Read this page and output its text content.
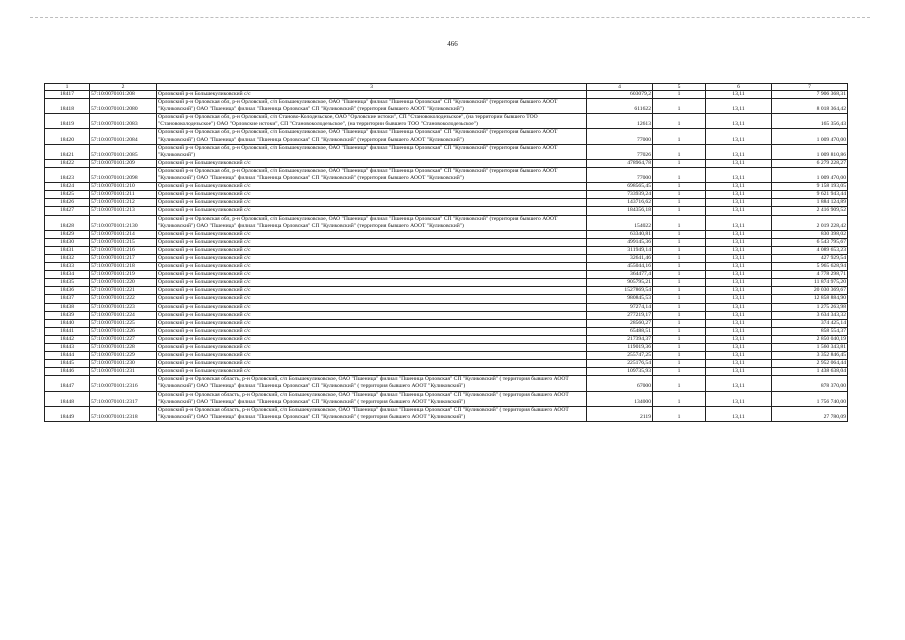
466
1	2	3	4	5	6	7
18417	57:10:0070101:208	Орловский р-н Большекуликовский с/с	603079,2	1	13,11	7 906 368,31
18418	57:10:0070101:2080	Орловский р-н Орловская обл, р-н Орловский, с/п Большекуликовское, ОАО "Пшеница" филиал "Пшеница Орловская" СП "Куликовский" (территория бывшего АООТ "Куликовский") ОАО "Пшеница" филиал "Пшеница Орловская" СП "Куликовский" (территория бывшего АООТ "Куликовский")	611622	1	13,11	8 018 364,42
18419	57:10:0070101:2083	Орловский р-н Орловская обл, р-н Орловский, с/п Станово-Колодезьское, ОАО "Орловские истоки", СП "Становоколодезьское", (на территории бывшего ТОО "Становоколодезьское") ОАО "Орловские истоки", СП "Становоколодезьское", (на территории бывшего ТОО "Становоколодезьское")	12613	1	13,11	165 356,43
18420	57:10:0070101:2084	Орловский р-н Орловская обл, р-н Орловский, с/п Большекуликовское, ОАО "Пшеница" филиал "Пшеница Орловская" СП "Куликовский" (территория бывшего АООТ "Куликовский") ОАО "Пшеница" филиал "Пшеница Орловская" СП "Куликовский" (территория бывшего АООТ "Куликовский")	77000	1	13,11	1 009 470,00
18421	57:10:0070101:2085	Орловский р-н Орловская обл, р-н Орловский, с/п Большекуликовское, ОАО "Пшеница" филиал "Пшеница Орловская" СП "Куликовский" (территория бывшего АООТ "Куликовский")	77026	1	13,11	1 009 810,86
18422	57:10:0070101:209	Орловский р-н Большекуликовский с/с	478964,78	1	13,11	6 279 228,27
18423	57:10:0070101:2098	Орловский р-н Орловская обл, р-н Орловский, с/п Большекуликовское, ОАО "Пшеница" филиал "Пшеница Орловская" СП "Куликовский" (территория бывшего АООТ "Куликовский") ОАО "Пшеница" филиал "Пшеница Орловская" СП "Куликовский" (территория бывшего АООТ "Куликовский")	77000	1	13,11	1 009 470,00
18424	57:10:0070101:210	Орловский р-н Большекуликовский с/с	698565,45	1	13,11	9 158 193,05
18425	57:10:0070101:211	Орловский р-н Большекуликовский с/с	733939,24	1	13,11	9 621 943,44
18426	57:10:0070101:212	Орловский р-н Большекуликовский с/с	143716,62	1	13,11	1 884 124,89
18427	57:10:0070101:213	Орловский р-н Большекуликовский с/с	184356,18	1	13,11	2 416 909,52
18428	57:10:0070101:2130	Орловский р-н Орловская обл, р-н Орловский, с/п Большекуликовское, ОАО "Пшеница" филиал "Пшеница Орловская" СП "Куликовский" (территория бывшего АООТ "Куликовский") ОАО "Пшеница" филиал "Пшеница Орловская" СП "Куликовский" (территория бывшего АООТ "Куликовский")	154022	1	13,11	2 019 228,42
18429	57:10:0070101:214	Орловский р-н Большекуликовский с/с	63340,81	1	13,11	830 398,02
18430	57:10:0070101:215	Орловский р-н Большекуликовский с/с	499145,36	1	13,11	6 543 795,67
18431	57:10:0070101:216	Орловский р-н Большекуликовский с/с	311949,14	1	13,11	4 089 653,23
18432	57:10:0070101:217	Орловский р-н Большекуликовский с/с	32641,46	1	13,11	427 929,54
18433	57:10:0070101:218	Орловский р-н Большекуликовский с/с	455044,16	1	13,11	5 965 628,94
18434	57:10:0070101:219	Орловский р-н Большекуликовский с/с	364477,4	1	13,11	4 778 298,71
18435	57:10:0070101:220	Орловский р-н Большекуликовский с/с	905795,21	1	13,11	11 874 975,20
18436	57:10:0070101:221	Орловский р-н Большекуликовский с/с	1527869,54	1	13,11	20 030 369,67
18437	57:10:0070101:222	Орловский р-н Большекуликовский с/с	980845,53	1	13,11	12 858 884,90
18438	57:10:0070101:223	Орловский р-н Большекуликовский с/с	97274,14	1	13,11	1 275 263,98
18439	57:10:0070101:224	Орловский р-н Большекуликовский с/с	277219,17	1	13,11	3 634 343,32
18440	57:10:0070101:225	Орловский р-н Большекуликовский с/с	28560,27	1	13,11	374 425,14
18441	57:10:0070101:226	Орловский р-н Большекуликовский с/с	65488,51	1	13,11	858 554,37
18442	57:10:0070101:227	Орловский р-н Большекуликовский с/с	217394,37	1	13,11	2 850 040,19
18443	57:10:0070101:228	Орловский р-н Большекуликовский с/с	119019,36	1	13,11	1 560 343,81
18444	57:10:0070101:229	Орловский р-н Большекуликовский с/с	255747,25	1	13,11	3 352 846,45
18445	57:10:0070101:230	Орловский р-н Большекуликовский с/с	225176,54	1	13,11	2 952 064,44
18446	57:10:0070101:231	Орловский р-н Большекуликовский с/с	109735,93	1	13,11	1 438 638,04
18447	57:10:0070101:2316	Орловский р-н Орловская область, р-н Орловский, с/п Большекуликовское, ОАО "Пшеница" филиал "Пшеница Орловская" СП "Куликовский" ( территория бывшего АООТ "Куликовский") ОАО "Пшеница" филиал "Пшеница Орловская" СП "Куликовский" ( территория бывшего АООТ "Куликовский")	67000	1	13,11	878 370,00
18448	57:10:0070101:2317	Орловский р-н Орловская область, р-н Орловский, с/п Большекуликовское, ОАО "Пшеница" филиал "Пшеница Орловская" СП "Куликовский" ( территория бывшего АООТ "Куликовский") ОАО "Пшеница" филиал "Пшеница Орловская" СП "Куликовский" ( территория бывшего АООТ "Куликовский")	134000	1	13,11	1 756 740,00
18449	57:10:0070101:2318	Орловский р-н Орловская область, р-н Орловский, с/п Большекуликовское, ОАО "Пшеница" филиал "Пшеница Орловская" СП "Куликовский" ( территория бывшего АООТ "Куликовский") ОАО "Пшеница" филиал "Пшеница Орловская" СП "Куликовский" ( территория бывшего АООТ "Куликовский")	2119	1	13,11	27 780,09
